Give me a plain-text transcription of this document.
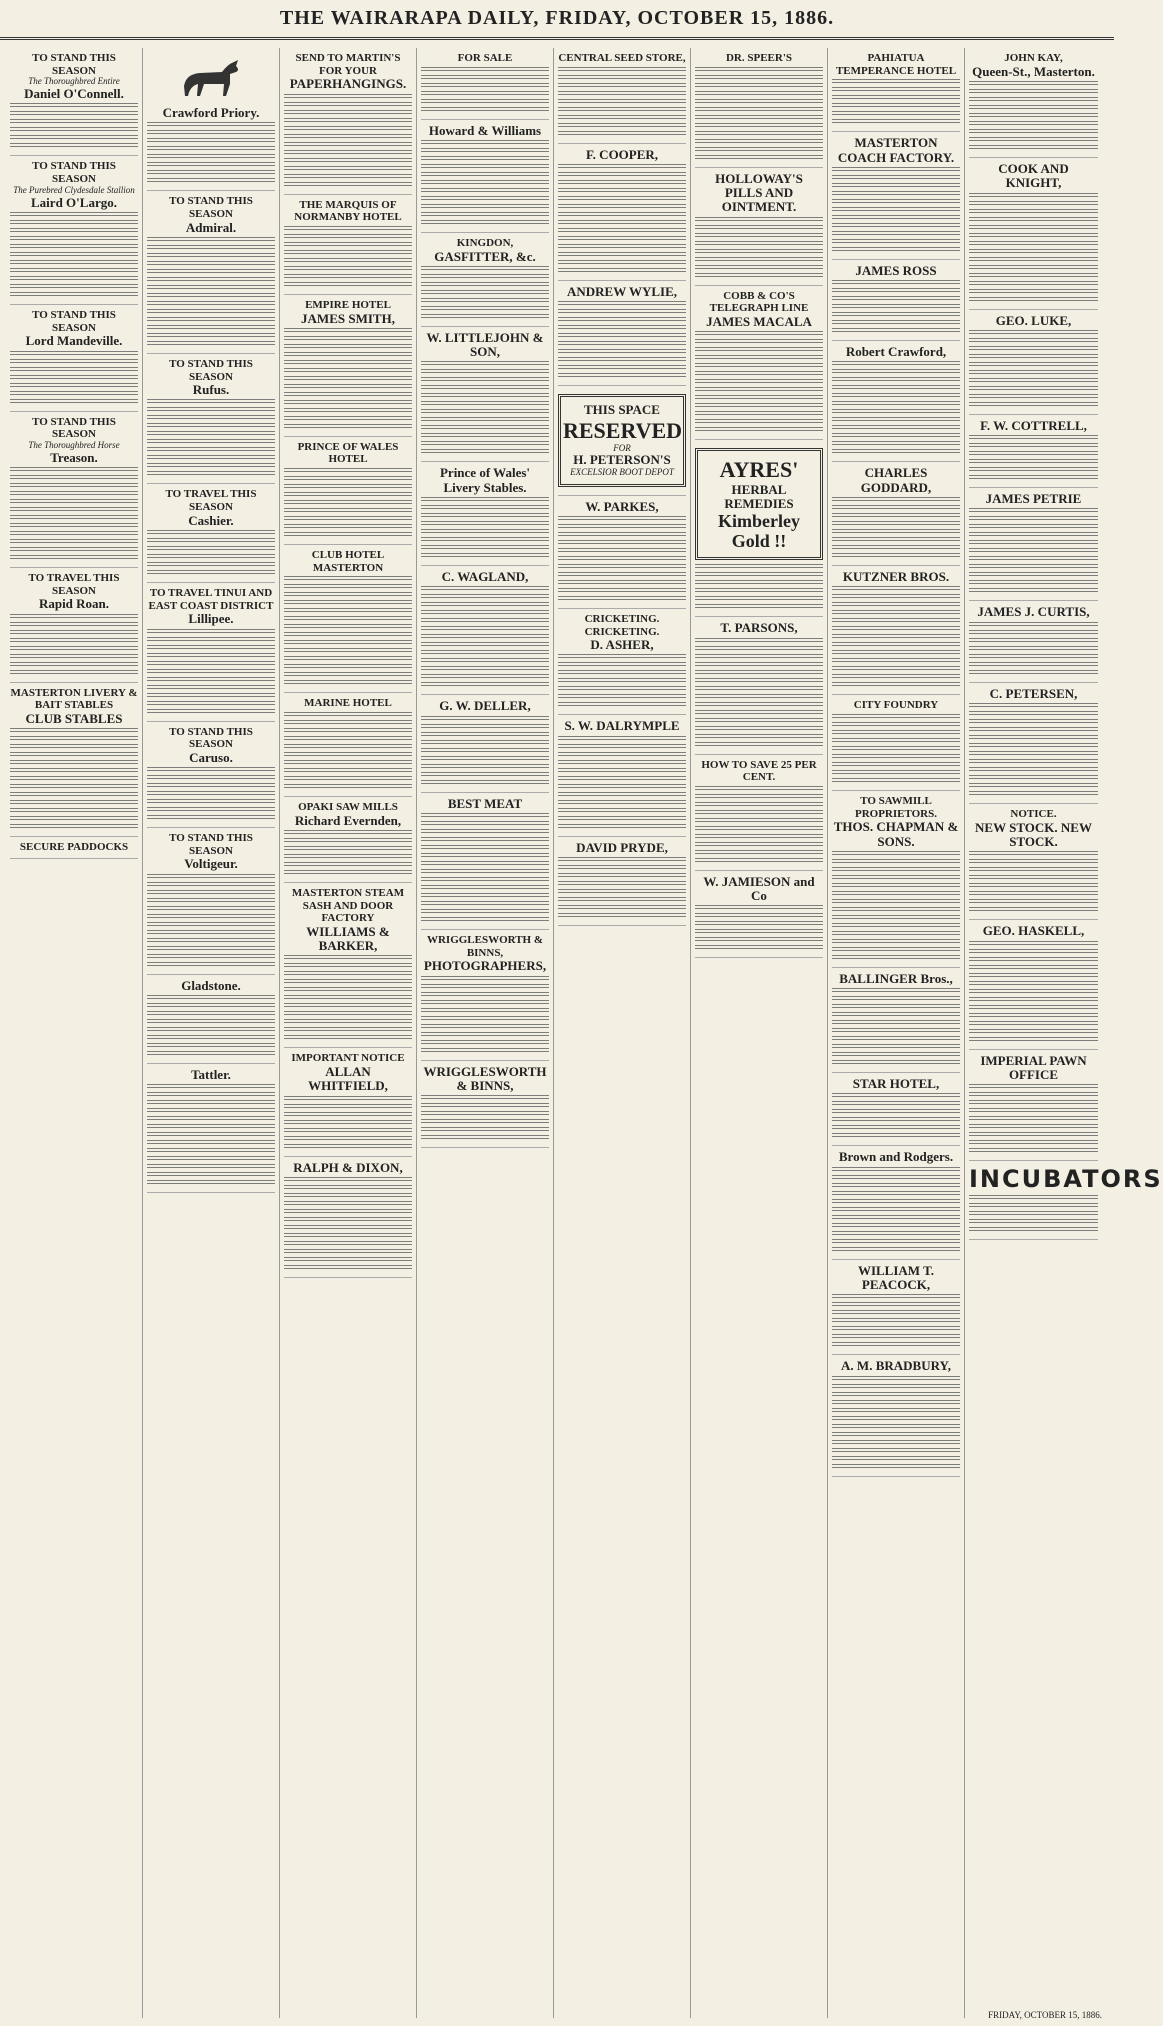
THE WAIRARAPA DAILY, FRIDAY, OCTOBER 15, 1886.
TO STAND THIS SEASON
The Thoroughbred Entire
Daniel O'Connell.
TO STAND THIS SEASON
The Purebred Clydesdale Stallion
Laird O'Largo.
TO STAND THIS SEASON
Lord Mandeville.
TO STAND THIS SEASON
The Thoroughbred Horse
Treason.
TO TRAVEL THIS SEASON
Rapid Roan.
MASTERTON LIVERY & BAIT STABLES
CLUB STABLES
SECURE PADDOCKS
Crawford Priory.
TO STAND THIS SEASON
Admiral.
TO STAND THIS SEASON
Rufus.
TO TRAVEL THIS SEASON
Cashier.
TO TRAVEL TINUI AND EAST COAST DISTRICT
Lillipee.
TO STAND THIS SEASON
Caruso.
TO STAND THIS SEASON
Voltigeur.
Gladstone.
Tattler.
SEND TO MARTIN'S FOR YOUR
PAPERHANGINGS.
THE MARQUIS OF NORMANBY HOTEL
EMPIRE HOTEL
JAMES SMITH,
PRINCE OF WALES HOTEL
CLUB HOTEL MASTERTON
MARINE HOTEL
OPAKI SAW MILLS
Richard Evernden,
MASTERTON STEAM SASH AND DOOR FACTORY
WILLIAMS & BARKER,
IMPORTANT NOTICE
ALLAN WHITFIELD,
RALPH & DIXON,
FOR SALE
Howard & Williams
KINGDON,
GASFITTER, &c.
W. LITTLEJOHN & SON,
Prince of Wales' Livery Stables.
C. WAGLAND,
G. W. DELLER,
BEST MEAT
WRIGGLESWORTH & BINNS,
PHOTOGRAPHERS,
WRIGGLESWORTH & BINNS,
CENTRAL SEED STORE,
F. COOPER,
ANDREW WYLIE,
THIS SPACE
RESERVED
FOR
H. PETERSON'S
EXCELSIOR BOOT DEPOT
W. PARKES,
CRICKETING. CRICKETING.
D. ASHER,
S. W. DALRYMPLE
DAVID PRYDE,
DR. SPEER'S
HOLLOWAY'S PILLS AND OINTMENT.
COBB & CO'S TELEGRAPH LINE
JAMES MACALA
AYRES'
HERBAL REMEDIES
Kimberley Gold !!
T. PARSONS,
HOW TO SAVE 25 PER CENT.
W. JAMIESON and Co
PAHIATUA TEMPERANCE HOTEL
MASTERTON COACH FACTORY.
JAMES ROSS
Robert Crawford,
CHARLES GODDARD,
KUTZNER BROS.
CITY FOUNDRY
TO SAWMILL PROPRIETORS.
THOS. CHAPMAN & SONS.
BALLINGER Bros.,
STAR HOTEL,
Brown and Rodgers.
WILLIAM T. PEACOCK,
A. M. BRADBURY,
JOHN KAY,
Queen-St., Masterton.
COOK AND KNIGHT,
GEO. LUKE,
F. W. COTTRELL,
JAMES PETRIE
JAMES J. CURTIS,
C. PETERSEN,
NOTICE.
NEW STOCK. NEW STOCK.
GEO. HASKELL,
IMPERIAL PAWN OFFICE
INCUBATORS
FRIDAY, OCTOBER 15, 1886.
